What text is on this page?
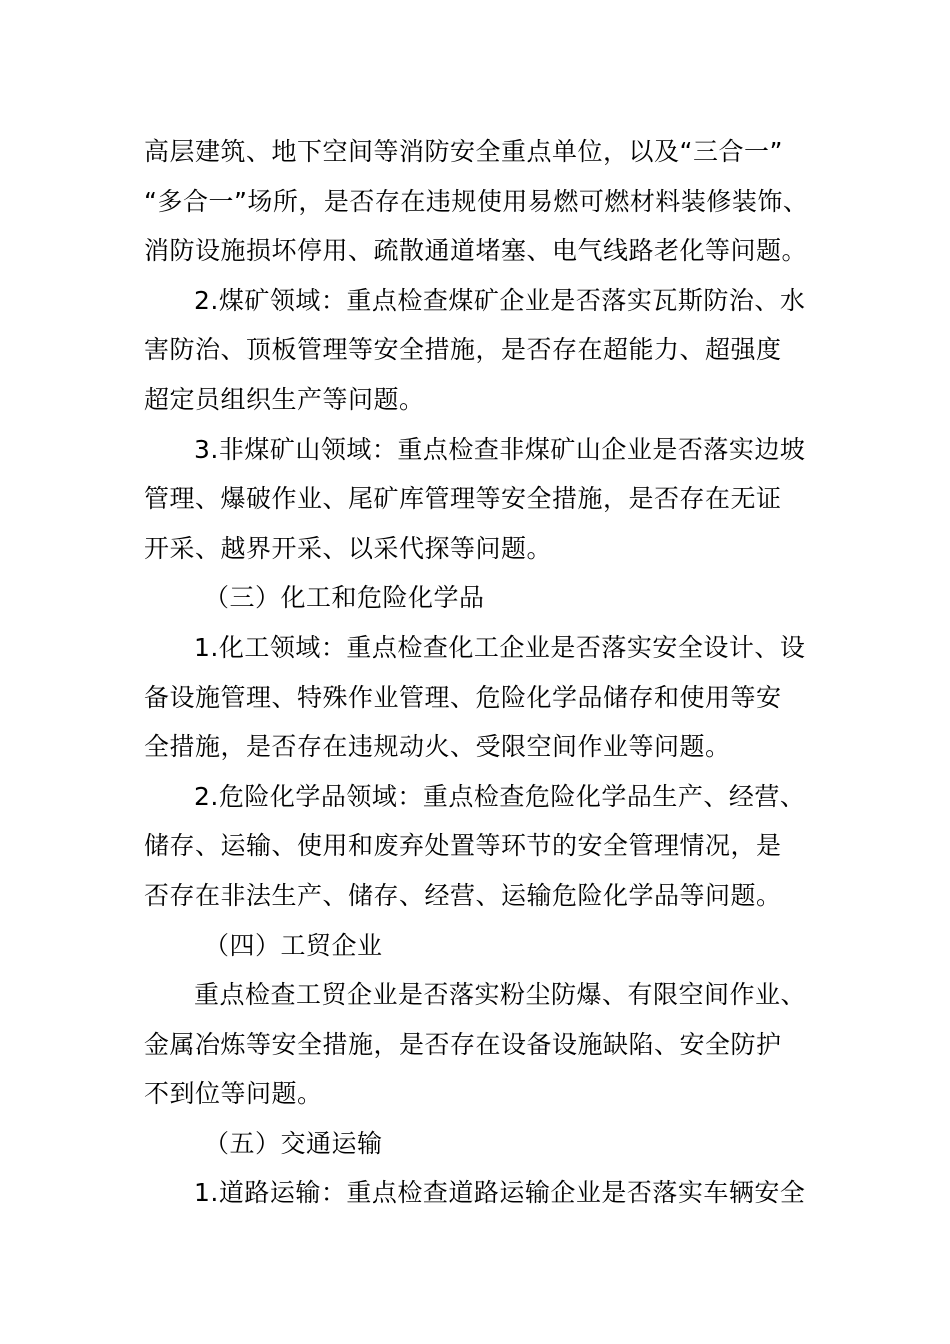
高层建筑、地下空间等消防安全重点单位，以及“三合一”
“多合一”场所，是否存在违规使用易燃可燃材料装修装饰、
消防设施损坏停用、疏散通道堵塞、电气线路老化等问题。
2.煤矿领域：重点检查煤矿企业是否落实瓦斯防治、水
害防治、顶板管理等安全措施，是否存在超能力、超强度
超定员组织生产等问题。
3.非煤矿山领域：重点检查非煤矿山企业是否落实边坡
管理、爆破作业、尾矿库管理等安全措施，是否存在无证
开采、越界开采、以采代探等问题。
（三）化工和危险化学品
1.化工领域：重点检查化工企业是否落实安全设计、设
备设施管理、特殊作业管理、危险化学品储存和使用等安
全措施，是否存在违规动火、受限空间作业等问题。
2.危险化学品领域：重点检查危险化学品生产、经营、
储存、运输、使用和废弃处置等环节的安全管理情况，是
否存在非法生产、储存、经营、运输危险化学品等问题。
（四）工贸企业
重点检查工贸企业是否落实粉尘防爆、有限空间作业、
金属冶炼等安全措施，是否存在设备设施缺陷、安全防护
不到位等问题。
（五）交通运输
1.道路运输：重点检查道路运输企业是否落实车辆安全
